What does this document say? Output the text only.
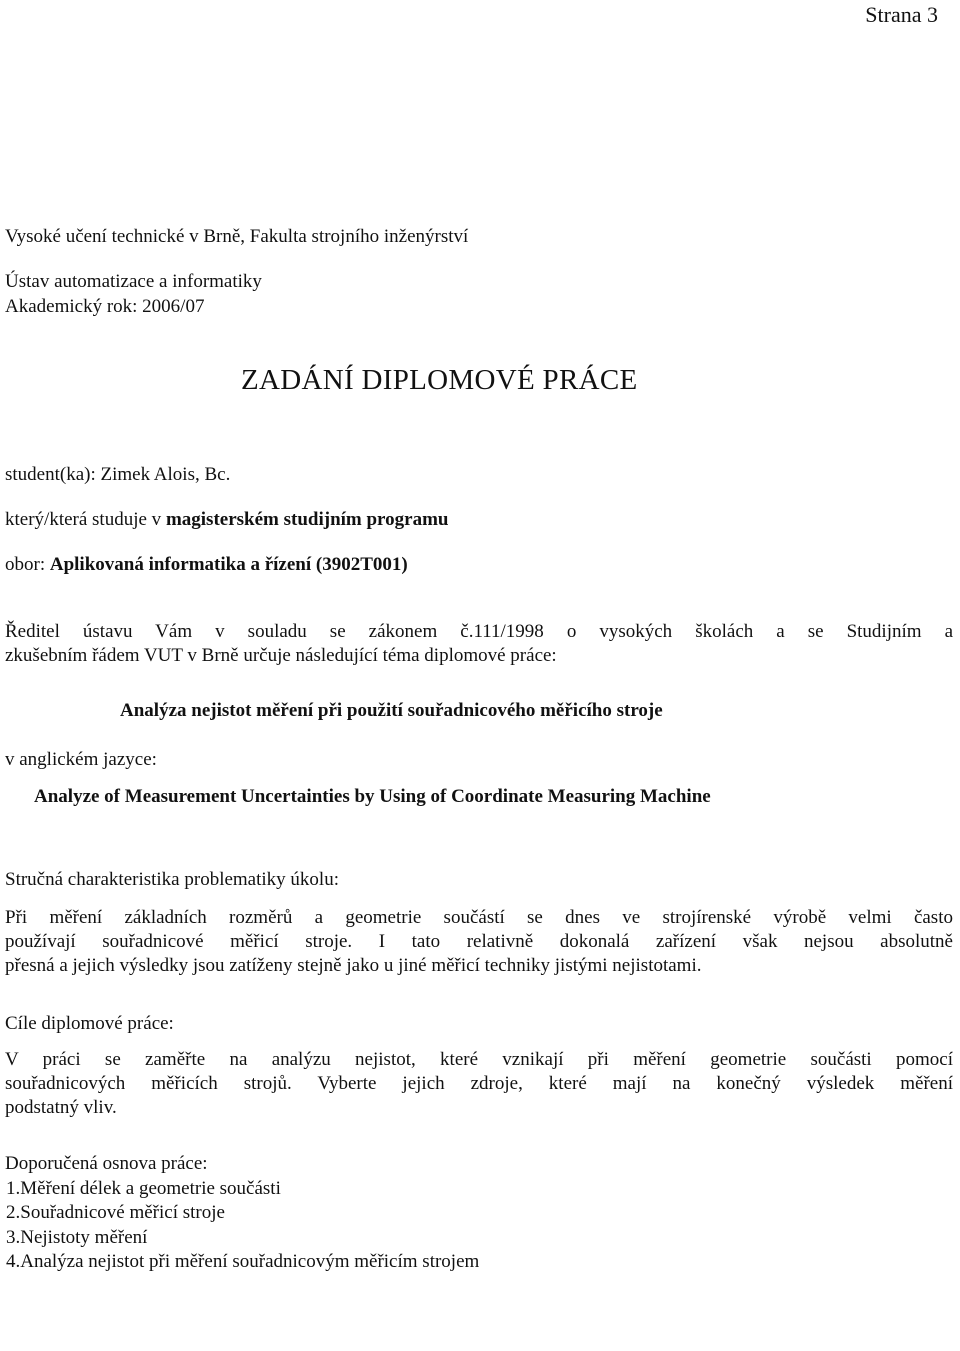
Strana 3
Vysoké učení technické v Brně, Fakulta strojního inženýrství
Ústav automatizace a informatiky
Akademický rok: 2006/07
ZADÁNÍ DIPLOMOVÉ PRÁCE
student(ka): Zimek Alois, Bc.
který/která studuje v magisterském studijním programu
obor: Aplikovaná informatika a řízení (3902T001)
Ředitel ústavu Vám v souladu se zákonem č.111/1998 o vysokých školách a se Studijním a
zkušebním řádem VUT v Brně určuje následující téma diplomové práce:
Analýza nejistot měření při použití souřadnicového měřicího stroje
v anglickém jazyce:
Analyze of Measurement Uncertainties by Using of Coordinate Measuring Machine
Stručná charakteristika problematiky úkolu:
Při měření základních rozměrů a geometrie součástí se dnes ve strojírenské výrobě velmi často
používají souřadnicové měřicí stroje. I tato relativně dokonalá zařízení však nejsou absolutně
přesná a jejich výsledky jsou zatíženy stejně jako u jiné měřicí techniky jistými nejistotami.
Cíle diplomové práce:
V práci se zaměřte na analýzu nejistot, které vznikají při měření geometrie součásti pomocí
souřadnicových měřicích strojů. Vyberte jejich zdroje, které mají na konečný výsledek měření
podstatný vliv.
Doporučená osnova práce:
1.Měření délek a geometrie součásti
2.Souřadnicové měřicí stroje
3.Nejistoty měření
4.Analýza nejistot při měření souřadnicovým měřicím strojem
